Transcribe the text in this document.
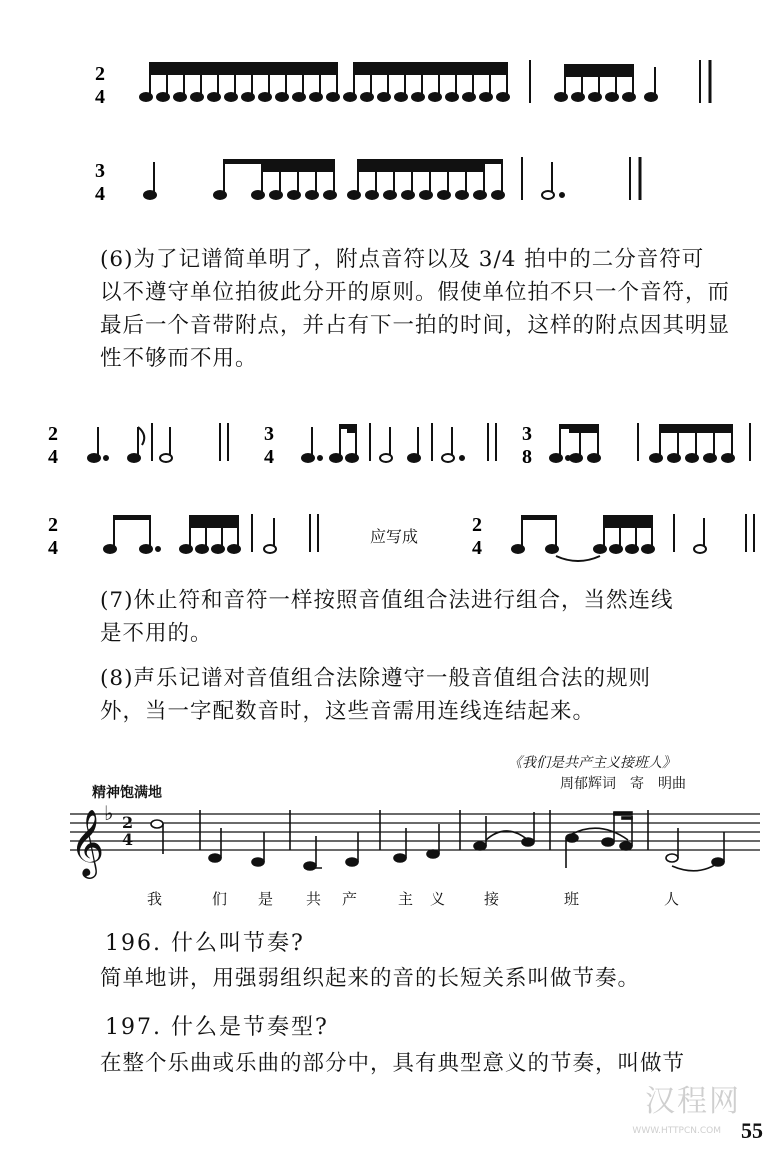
2
4
3
4
(6)为了记谱简单明了，附点音符以及 3/4 拍中的二分音符可
以不遵守单位拍彼此分开的原则。假使单位拍不只一个音符，而
最后一个音带附点，并占有下一拍的时间，这样的附点因其明显
性不够而不用。
2
4
3
4
3
8
2
4
2
4
应写成
(7)休止符和音符一样按照音值组合法进行组合，当然连线
是不用的。
(8)声乐记谱对音值组合法除遵守一般音值组合法的规则
外，当一字配数音时，这些音需用连线连结起来。
《我们是共产主义接班人》
周郁辉词　寄　明曲
精神饱满地
𝄞 ♭ 2
4
我	们 是 共 产	主 义	接	班	人
196. 什么叫节奏?
简单地讲，用强弱组织起来的音的长短关系叫做节奏。
197. 什么是节奏型?
在整个乐曲或乐曲的部分中，具有典型意义的节奏，叫做节
汉程网
WWW.HTTPCN.COM 55
